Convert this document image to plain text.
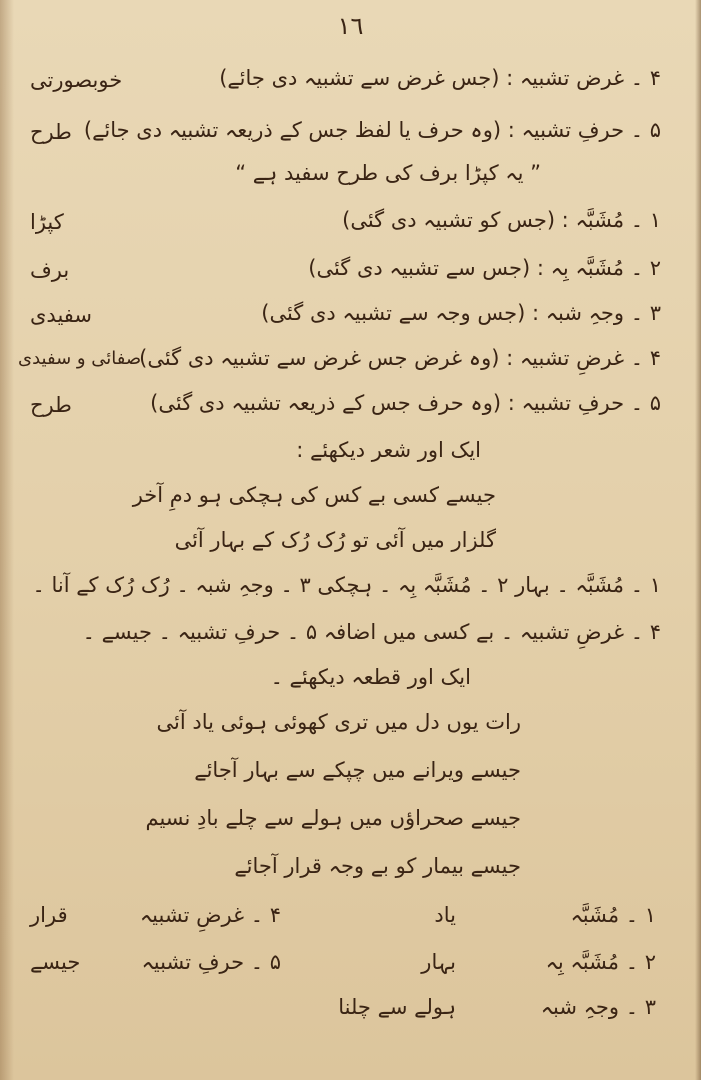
١٦
۴ ۔ غرض تشبیہ : (جس غرض سے تشبیہ دی جائے)
خوبصورتی
۵ ۔ حرفِ تشبیہ : (وہ حرف یا لفظ جس کے ذریعہ تشبیہ دی جائے)
طرح
” یہ کپڑا برف کی طرح سفید ہے “
۱ ۔ مُشَبَّہ : (جس کو تشبیہ دی گئی)
کپڑا
۲ ۔ مُشَبَّہ بِہ : (جس سے تشبیہ دی گئی)
برف
۳ ۔ وجہِ شبہ : (جس وجہ سے تشبیہ دی گئی)
سفیدی
۴ ۔ غرضِ تشبیہ : (وہ غرض جس غرض سے تشبیہ دی گئی)
صفائی و سفیدی
۵ ۔ حرفِ تشبیہ : (وہ حرف جس کے ذریعہ تشبیہ دی گئی)
طرح
ایک اور شعر دیکھئے :
جیسے کسی بے کس کی ہچکی ہو دمِ آخر
گلزار میں آئی تو رُک رُک کے بہار آئی
۱ ۔ مُشَبَّہ ۔ بہار ۲ ۔ مُشَبَّہ بِہ ۔ ہچکی ۳ ۔ وجہِ شبہ ۔ رُک رُک کے آنا ۔
۴ ۔ غرضِ تشبیہ ۔ بے کسی میں اضافہ ۵ ۔ حرفِ تشبیہ ۔ جیسے ۔
ایک اور قطعہ دیکھئے ۔
رات یوں دل میں تری کھوئی ہوئی یاد آئی
جیسے ویرانے میں چپکے سے بہار آجائے
جیسے صحراؤں میں ہولے سے چلے بادِ نسیم
جیسے بیمار کو بے وجہ قرار آجائے
۱ ۔ مُشَبَّہ
یاد
۴ ۔ غرضِ تشبیہ
قرار
۲ ۔ مُشَبَّہ بِہ
بہار
۵ ۔ حرفِ تشبیہ
جیسے
۳ ۔ وجہِ شبہ
ہولے سے چلنا
